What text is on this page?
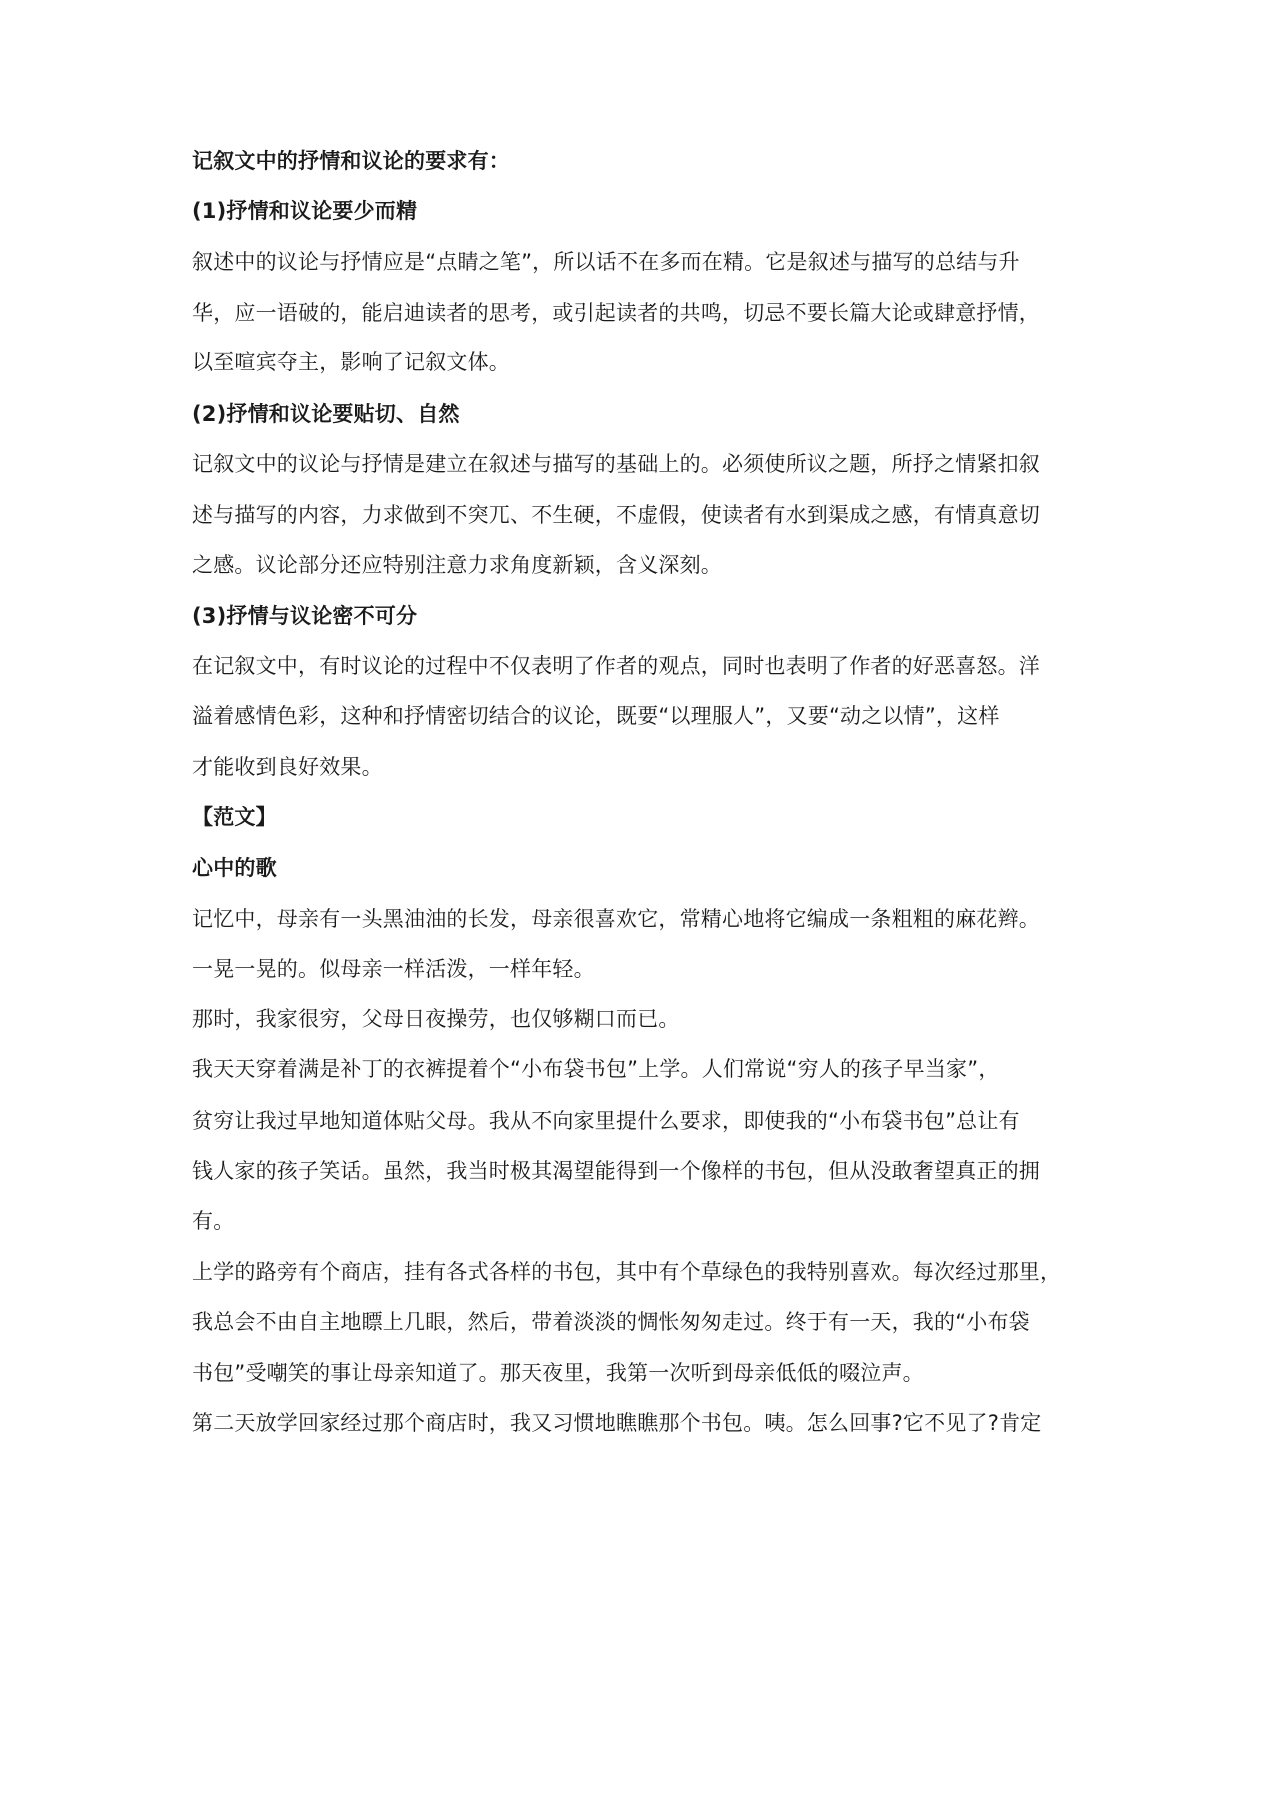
记叙文中的抒情和议论的要求有：
(1)抒情和议论要少而精
叙述中的议论与抒情应是“点睛之笔”，所以话不在多而在精。它是叙述与描写的总结与升
华，应一语破的，能启迪读者的思考，或引起读者的共鸣，切忌不要长篇大论或肆意抒情，
以至喧宾夺主，影响了记叙文体。
(2)抒情和议论要贴切、自然
记叙文中的议论与抒情是建立在叙述与描写的基础上的。必须使所议之题，所抒之情紧扣叙
述与描写的内容，力求做到不突兀、不生硬，不虚假，使读者有水到渠成之感，有情真意切
之感。议论部分还应特别注意力求角度新颖，含义深刻。
(3)抒情与议论密不可分
在记叙文中，有时议论的过程中不仅表明了作者的观点，同时也表明了作者的好恶喜怒。洋
溢着感情色彩，这种和抒情密切结合的议论，既要“以理服人”，又要“动之以情”，这样
才能收到良好效果。
【范文】
心中的歌
记忆中，母亲有一头黑油油的长发，母亲很喜欢它，常精心地将它编成一条粗粗的麻花辫。
一晃一晃的。似母亲一样活泼，一样年轻。
那时，我家很穷，父母日夜操劳，也仅够糊口而已。
我天天穿着满是补丁的衣裤提着个“小布袋书包”上学。人们常说“穷人的孩子早当家”，
贫穷让我过早地知道体贴父母。我从不向家里提什么要求，即使我的“小布袋书包”总让有
钱人家的孩子笑话。虽然，我当时极其渴望能得到一个像样的书包，但从没敢奢望真正的拥
有。
上学的路旁有个商店，挂有各式各样的书包，其中有个草绿色的我特别喜欢。每次经过那里，
我总会不由自主地瞟上几眼，然后，带着淡淡的惆怅匆匆走过。终于有一天，我的“小布袋
书包”受嘲笑的事让母亲知道了。那天夜里，我第一次听到母亲低低的啜泣声。
第二天放学回家经过那个商店时，我又习惯地瞧瞧那个书包。咦。怎么回事?它不见了?肯定
